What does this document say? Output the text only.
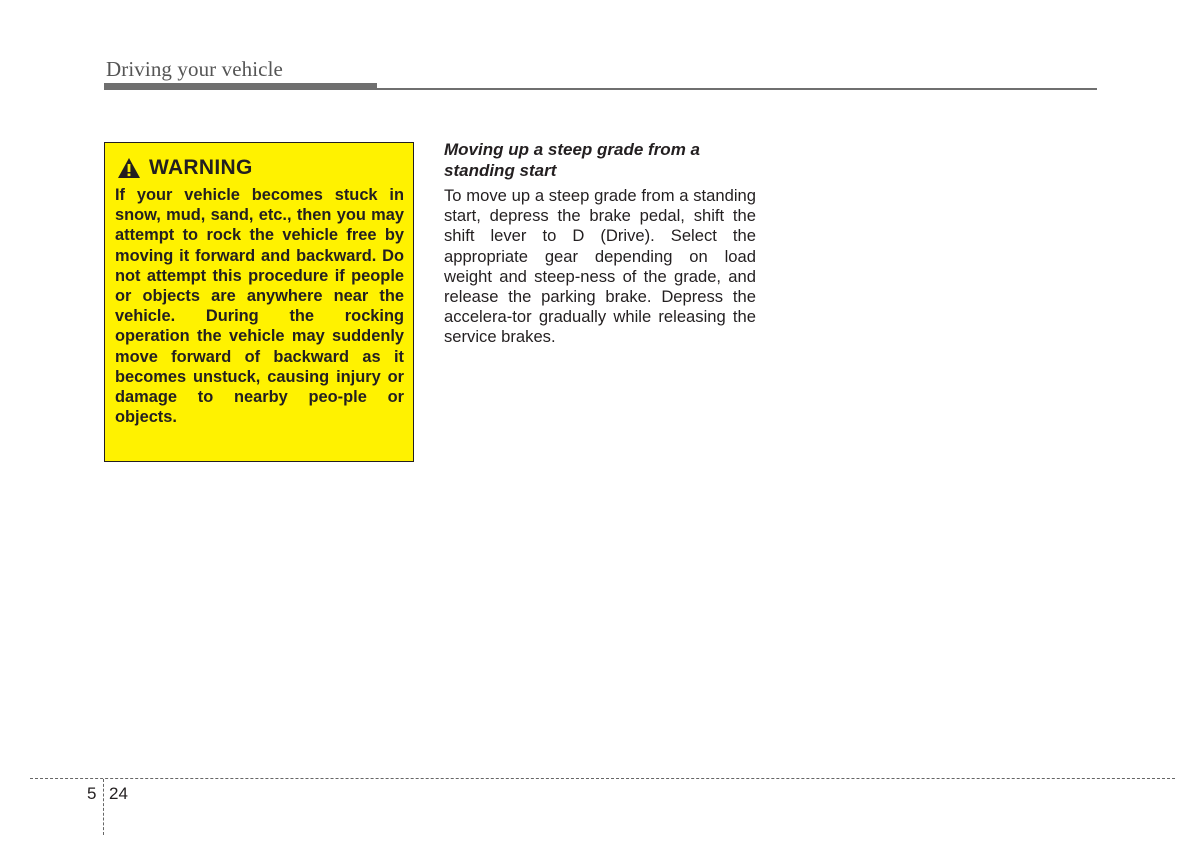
Driving your vehicle
WARNING
If your vehicle becomes stuck in snow, mud, sand, etc., then you may attempt to rock the vehicle free by moving it forward and backward. Do not attempt this procedure if people or objects are anywhere near the vehicle. During the rocking operation the vehicle may suddenly move forward of backward as it becomes unstuck, causing injury or damage to nearby peo-ple or objects.
Moving up a steep grade from a standing start
To move up a steep grade from a standing start, depress the brake pedal, shift the shift lever to D (Drive). Select the appropriate gear depending on load weight and steep-ness of the grade, and release the parking brake. Depress the accelera-tor gradually while releasing the service brakes.
5 24
